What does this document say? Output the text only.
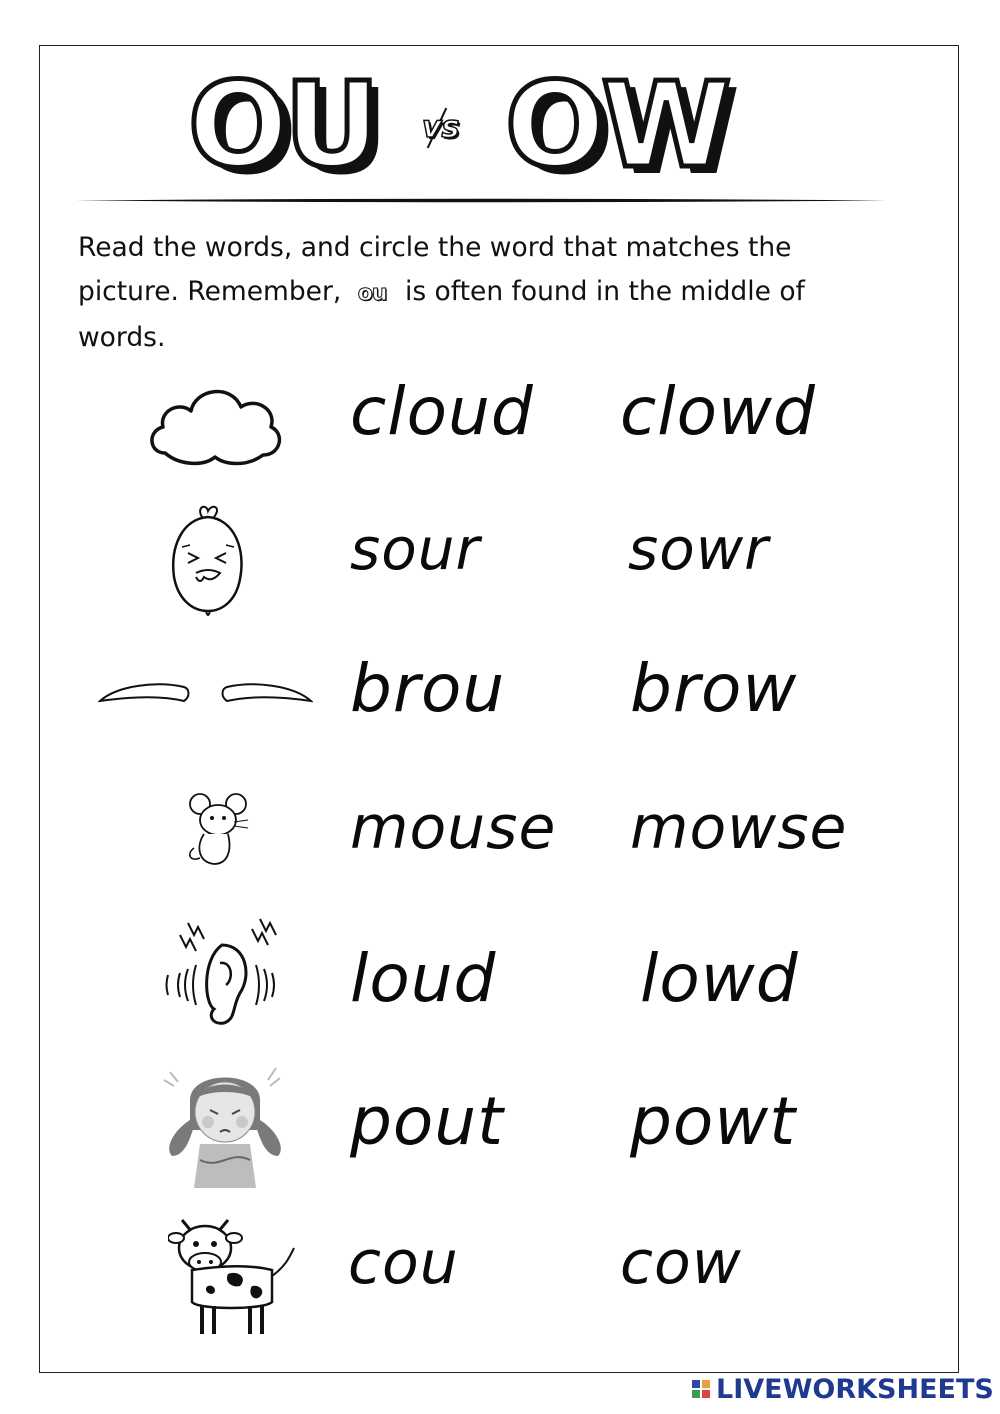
OU vs OW
Read the words, and circle the word that matches the picture. Remember, ou is often found in the middle of words.
cloud clowd
sour	sowr
brou brow
mouse mowse
loud lowd
pout powt
cou	cow
LIVEWORKSHEETS
